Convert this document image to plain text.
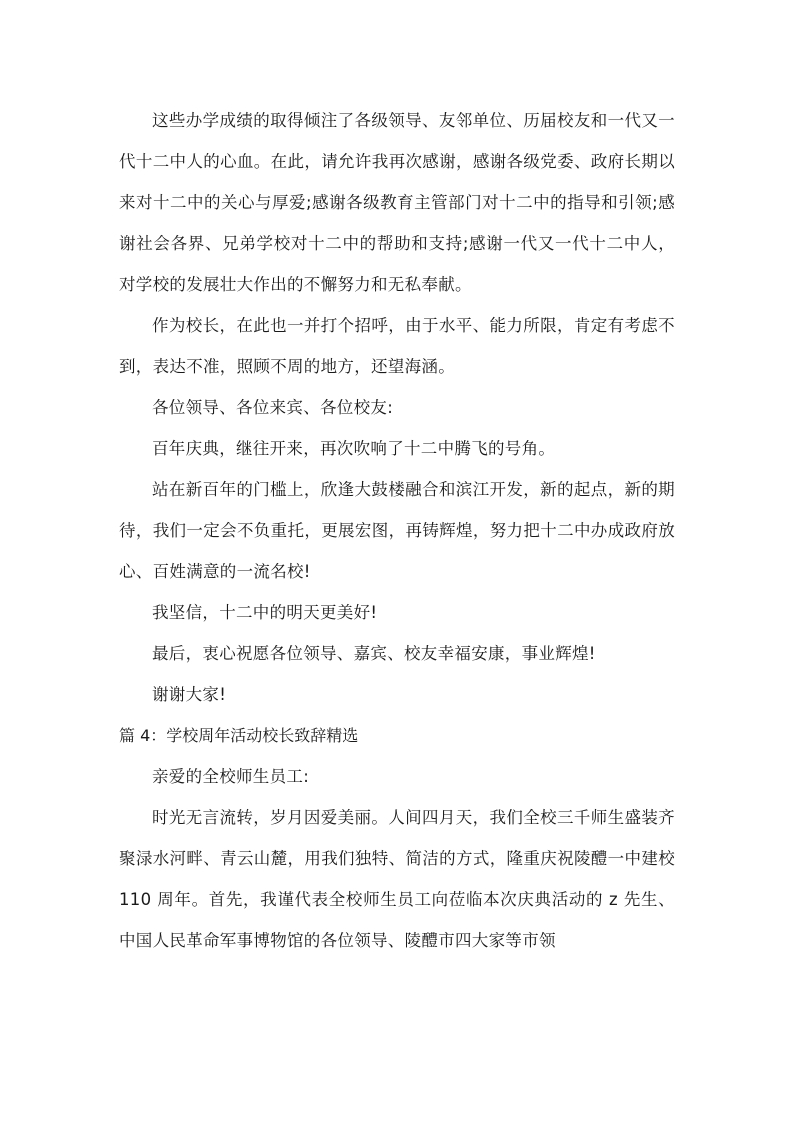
这些办学成绩的取得倾注了各级领导、友邻单位、历届校友和一代又一代十二中人的心血。在此，请允许我再次感谢，感谢各级党委、政府长期以来对十二中的关心与厚爱;感谢各级教育主管部门对十二中的指导和引领;感谢社会各界、兄弟学校对十二中的帮助和支持;感谢一代又一代十二中人，对学校的发展壮大作出的不懈努力和无私奉献。

作为校长，在此也一并打个招呼，由于水平、能力所限，肯定有考虑不到，表达不准，照顾不周的地方，还望海涵。

各位领导、各位来宾、各位校友:

百年庆典，继往开来，再次吹响了十二中腾飞的号角。

站在新百年的门槛上，欣逢大鼓楼融合和滨江开发，新的起点，新的期待，我们一定会不负重托，更展宏图，再铸辉煌，努力把十二中办成政府放心、百姓满意的一流名校!

我坚信，十二中的明天更美好!

最后，衷心祝愿各位领导、嘉宾、校友幸福安康，事业辉煌!

谢谢大家!

篇 4：学校周年活动校长致辞精选

亲爱的全校师生员工:

时光无言流转，岁月因爱美丽。人间四月天，我们全校三千师生盛装齐聚渌水河畔、青云山麓，用我们独特、简洁的方式，隆重庆祝陵醴一中建校 110 周年。首先，我谨代表全校师生员工向莅临本次庆典活动的 z 先生、中国人民革命军事博物馆的各位领导、陵醴市四大家等市领
